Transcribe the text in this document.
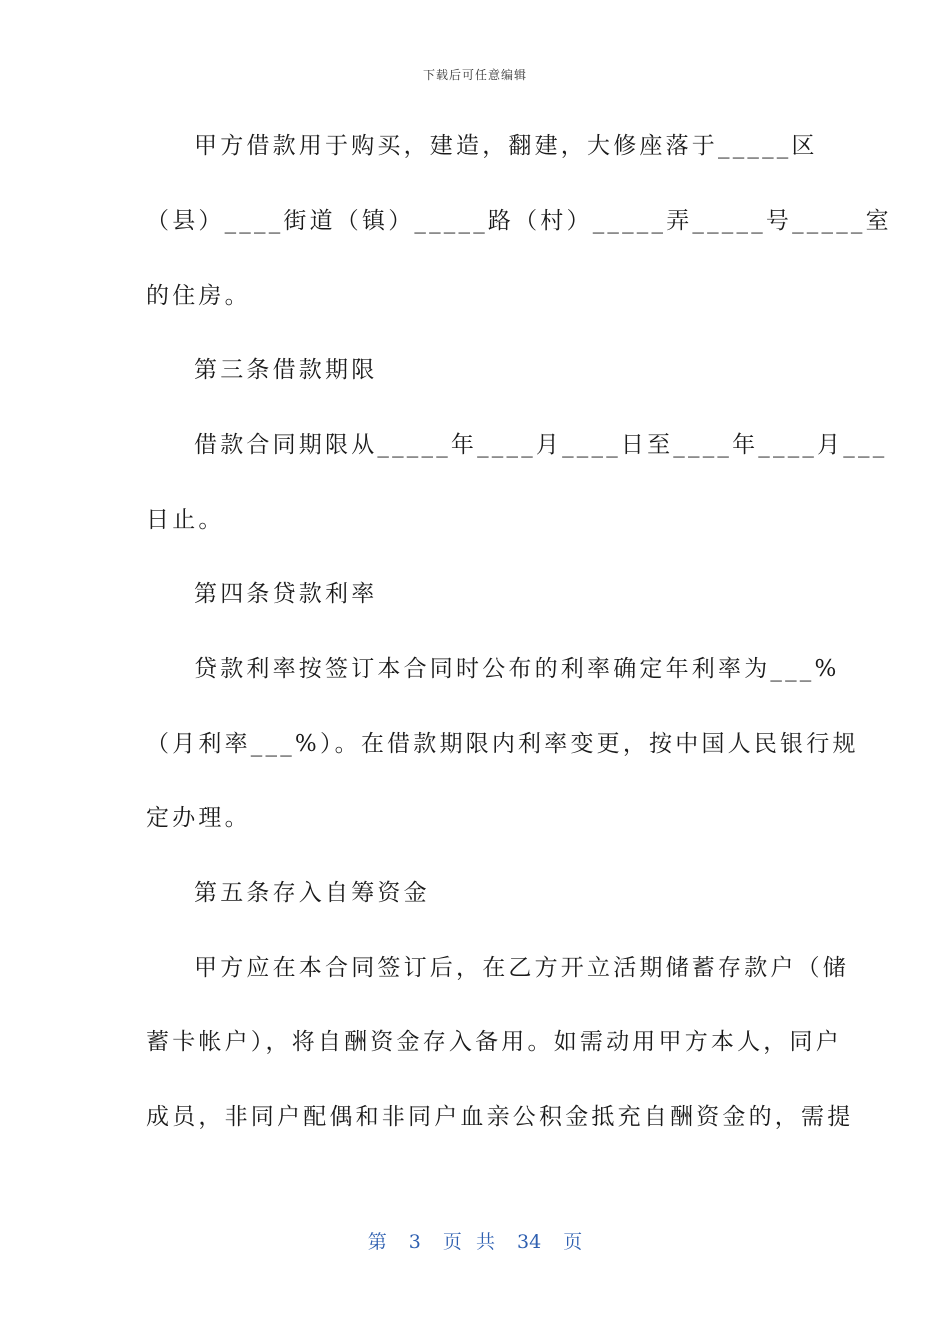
下载后可任意编辑
甲方借款用于购买，建造，翻建，大修座落于_____区
（县）____街道（镇）_____路（村）_____弄_____号_____室
的住房。
第三条借款期限
借款合同期限从_____年____月____日至____年____月___
日止。
第四条贷款利率
贷款利率按签订本合同时公布的利率确定年利率为___%
（月利率___%）。在借款期限内利率变更，按中国人民银行规
定办理。
第五条存入自筹资金
甲方应在本合同签订后，在乙方开立活期储蓄存款户（储
蓄卡帐户），将自酬资金存入备用。如需动用甲方本人，同户
成员，非同户配偶和非同户血亲公积金抵充自酬资金的，需提
第 3 页 共 34 页
